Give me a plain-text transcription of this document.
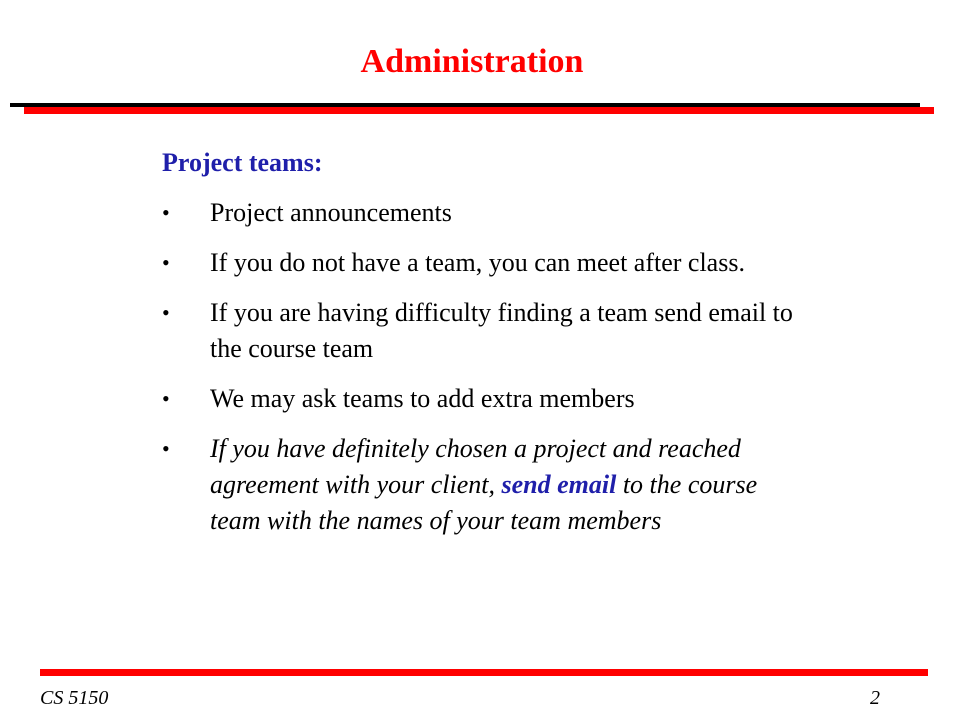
Administration
Project teams:
•	Project announcements
•	If you do not have a team, you can meet after class.
•	If you are having difficulty finding a team send email to the course team
•	We may ask teams to add extra members
•	If you have definitely chosen a project and reached agreement with your client, send email to the course team with the names of your team members
CS 5150	2
